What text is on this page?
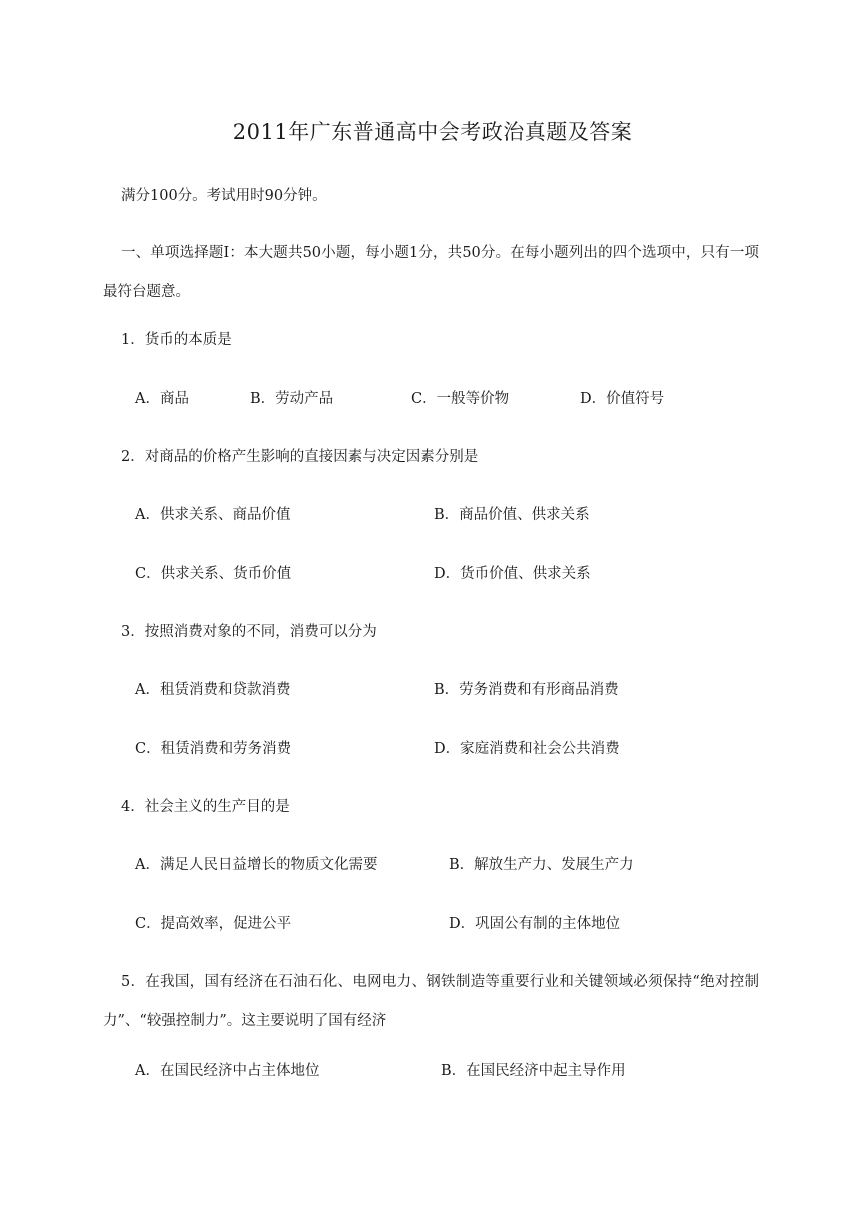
2011年广东普通高中会考政治真题及答案
满分100分。考试用时90分钟。
一、单项选择题Ⅰ：本大题共50小题，每小题1分，共50分。在每小题列出的四个选项中，只有一项最符台题意。
1．货币的本质是
A．商品	B．劳动产品	C．一般等价物	D．价值符号
2．对商品的价格产生影响的直接因素与决定因素分别是
A．供求关系、商品价值	B．商品价值、供求关系
C．供求关系、货币价值	D．货币价值、供求关系
3．按照消费对象的不同，消费可以分为
A．租赁消费和贷款消费	B．劳务消费和有形商品消费
C．租赁消费和劳务消费	D．家庭消费和社会公共消费
4．社会主义的生产目的是
A．满足人民日益增长的物质文化需要	B．解放生产力、发展生产力
C．提高效率，促进公平	D．巩固公有制的主体地位
5．在我国，国有经济在石油石化、电网电力、钢铁制造等重要行业和关键领域必须保持“绝对控制力”、“较强控制力”。这主要说明了国有经济
A．在国民经济中占主体地位	B．在国民经济中起主导作用
